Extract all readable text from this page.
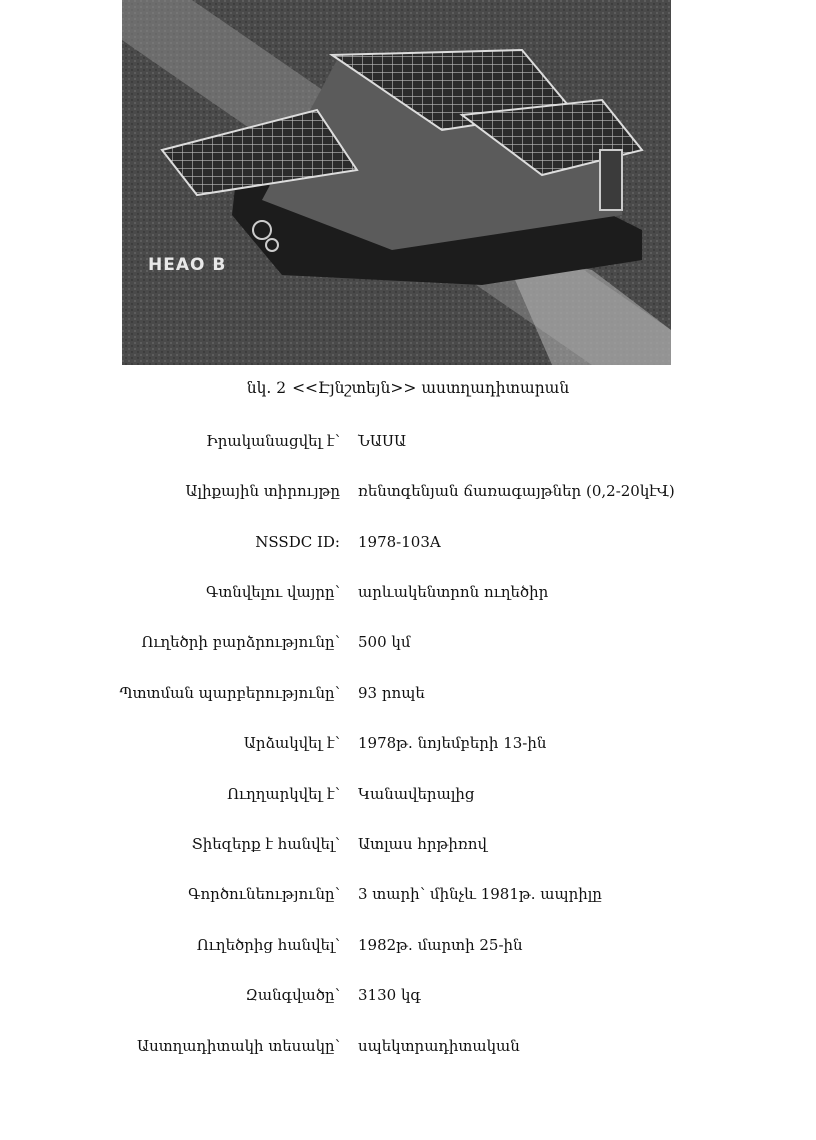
HEAO B
նկ. 2 <<Էյնշտեյն>> աստղադիտարան
Իրականացվել է՝ ՆԱՍԱ
Ալիքային տիրույթը ռենտգենյան ճառագայթներ (0,2-20կէՎ)
NSSDC ID: 1978-103A
Գտնվելու վայրը՝ արևակենտրոն ուղեծիր
Ուղեծրի բարձրությունը՝ 500 կմ
Պտտման պարբերությունը՝ 93 րոպե
Արձակվել է՝ 1978թ. նոյեմբերի 13-ին
Ուղղարկվել է՝ Կանավերալից
Տիեզերք է հանվել՝ Ատլաս հրթիռով
Գործունեությունը՝ 3 տարի՝ մինչև 1981թ. ապրիլը
Ուղեծրից հանվել՝ 1982թ. մարտի 25-ին
Զանգվածը՝ 3130 կգ
Աստղադիտակի տեսակը՝ սպեկտրադիտական
